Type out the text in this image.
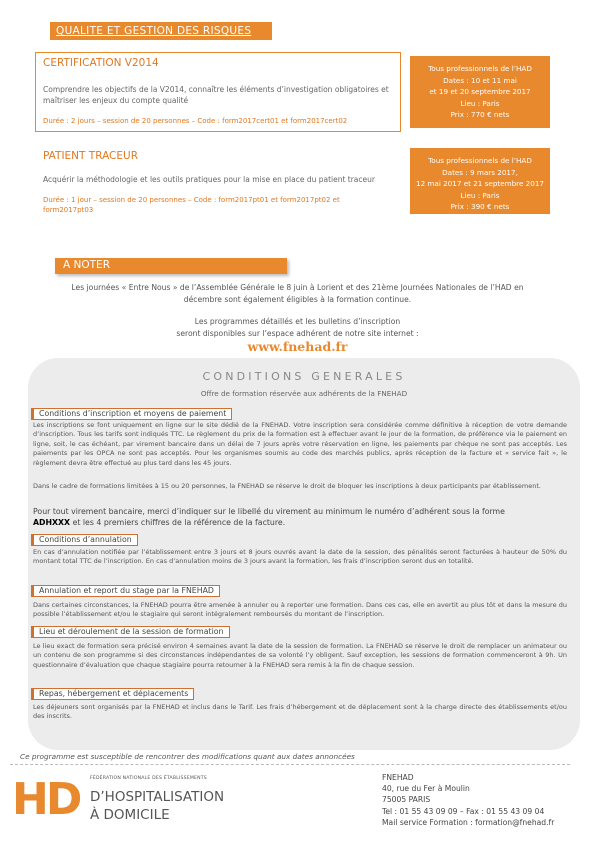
QUALITE ET GESTION DES RISQUES
CERTIFICATION V2014
Comprendre les objectifs de la V2014, connaître les éléments d’investigation obligatoires et
maîtriser les enjeux du compte qualité
Durée : 2 jours – session de 20 personnes – Code : form2017cert01 et form2017cert02
Tous professionnels de l’HAD
Dates : 10 et 11 mai
et 19 et 20 septembre 2017
Lieu : Paris
Prix : 770 € nets
PATIENT TRACEUR
Acquérir la méthodologie et les outils pratiques pour la mise en place du patient traceur
Durée : 1 jour – session de 20 personnes – Code : form2017pt01 et form2017pt02 et
form2017pt03
Tous professionnels de l’HAD
Dates : 9 mars 2017,
12 mai 2017 et 21 septembre 2017
Lieu : Paris
Prix : 390 € nets
A NOTER
Les journées « Entre Nous » de l’Assemblée Générale le 8 juin à Lorient et des 21ème Journées Nationales de l’HAD en
décembre sont également éligibles à la formation continue.
Les programmes détaillés et les bulletins d’inscription
seront disponibles sur l’espace adhérent de notre site internet :
www.fnehad.fr
CONDITIONS GENERALES
Offre de formation réservée aux adhérents de la FNEHAD
Conditions d’inscription et moyens de paiement
Les inscriptions se font uniquement en ligne sur le site dédié de la FNEHAD. Votre inscription sera considérée comme définitive à réception de votre demande d’inscription. Tous les tarifs sont indiqués TTC. Le règlement du prix de la formation est à effectuer avant le jour de la formation, de préférence via le paiement en ligne, soit, le cas échéant, par virement bancaire dans un délai de 7 jours après votre réservation en ligne, les paiements par chèque ne sont pas acceptés. Les paiements par les OPCA ne sont pas acceptés. Pour les organismes soumis au code des marchés publics, après réception de la facture et « service fait », le règlement devra être effectué au plus tard dans les 45 jours.
Dans le cadre de formations limitées à 15 ou 20 personnes, la FNEHAD se réserve le droit de bloquer les inscriptions à deux participants par établissement.
Pour tout virement bancaire, merci d’indiquer sur le libellé du virement au minimum le numéro d’adhérent sous la forme
ADHXXX et les 4 premiers chiffres de la référence de la facture.
Conditions d’annulation
En cas d’annulation notifiée par l’établissement entre 3 jours et 8 jours ouvrés avant la date de la session, des pénalités seront facturées à hauteur de 50% du montant total TTC de l’inscription. En cas d’annulation moins de 3 jours avant la formation, les frais d’inscription seront dus en totalité.
Annulation et report du stage par la FNEHAD
Dans certaines circonstances, la FNEHAD pourra être amenée à annuler ou à reporter une formation. Dans ces cas, elle en avertit au plus tôt et dans la mesure du possible l’établissement et/ou le stagiaire qui seront intégralement remboursés du montant de l’inscription.
Lieu et déroulement de la session de formation
Le lieu exact de formation sera précisé environ 4 semaines avant la date de la session de formation. La FNEHAD se réserve le droit de remplacer un animateur ou un contenu de son programme si des circonstances indépendantes de sa volonté l’y obligent. Sauf exception, les sessions de formation commenceront à 9h. Un questionnaire d’évaluation que chaque stagiaire pourra retourner à la FNEHAD sera remis à la fin de chaque session.
Repas, hébergement et déplacements
Les déjeuners sont organisés par la FNEHAD et inclus dans le Tarif. Les frais d’hébergement et de déplacement sont à la charge directe des établissements et/ou des inscrits.
Ce programme est susceptible de rencontrer des modifications quant aux dates annoncées
HD FÉDÉRATION NATIONALE DES ÉTABLISSEMENTS
D’HOSPITALISATION
À DOMICILE
FNEHAD
40, rue du Fer à Moulin
75005 PARIS
Tel : 01 55 43 09 09 – Fax : 01 55 43 09 04
Mail service Formation : formation@fnehad.fr
